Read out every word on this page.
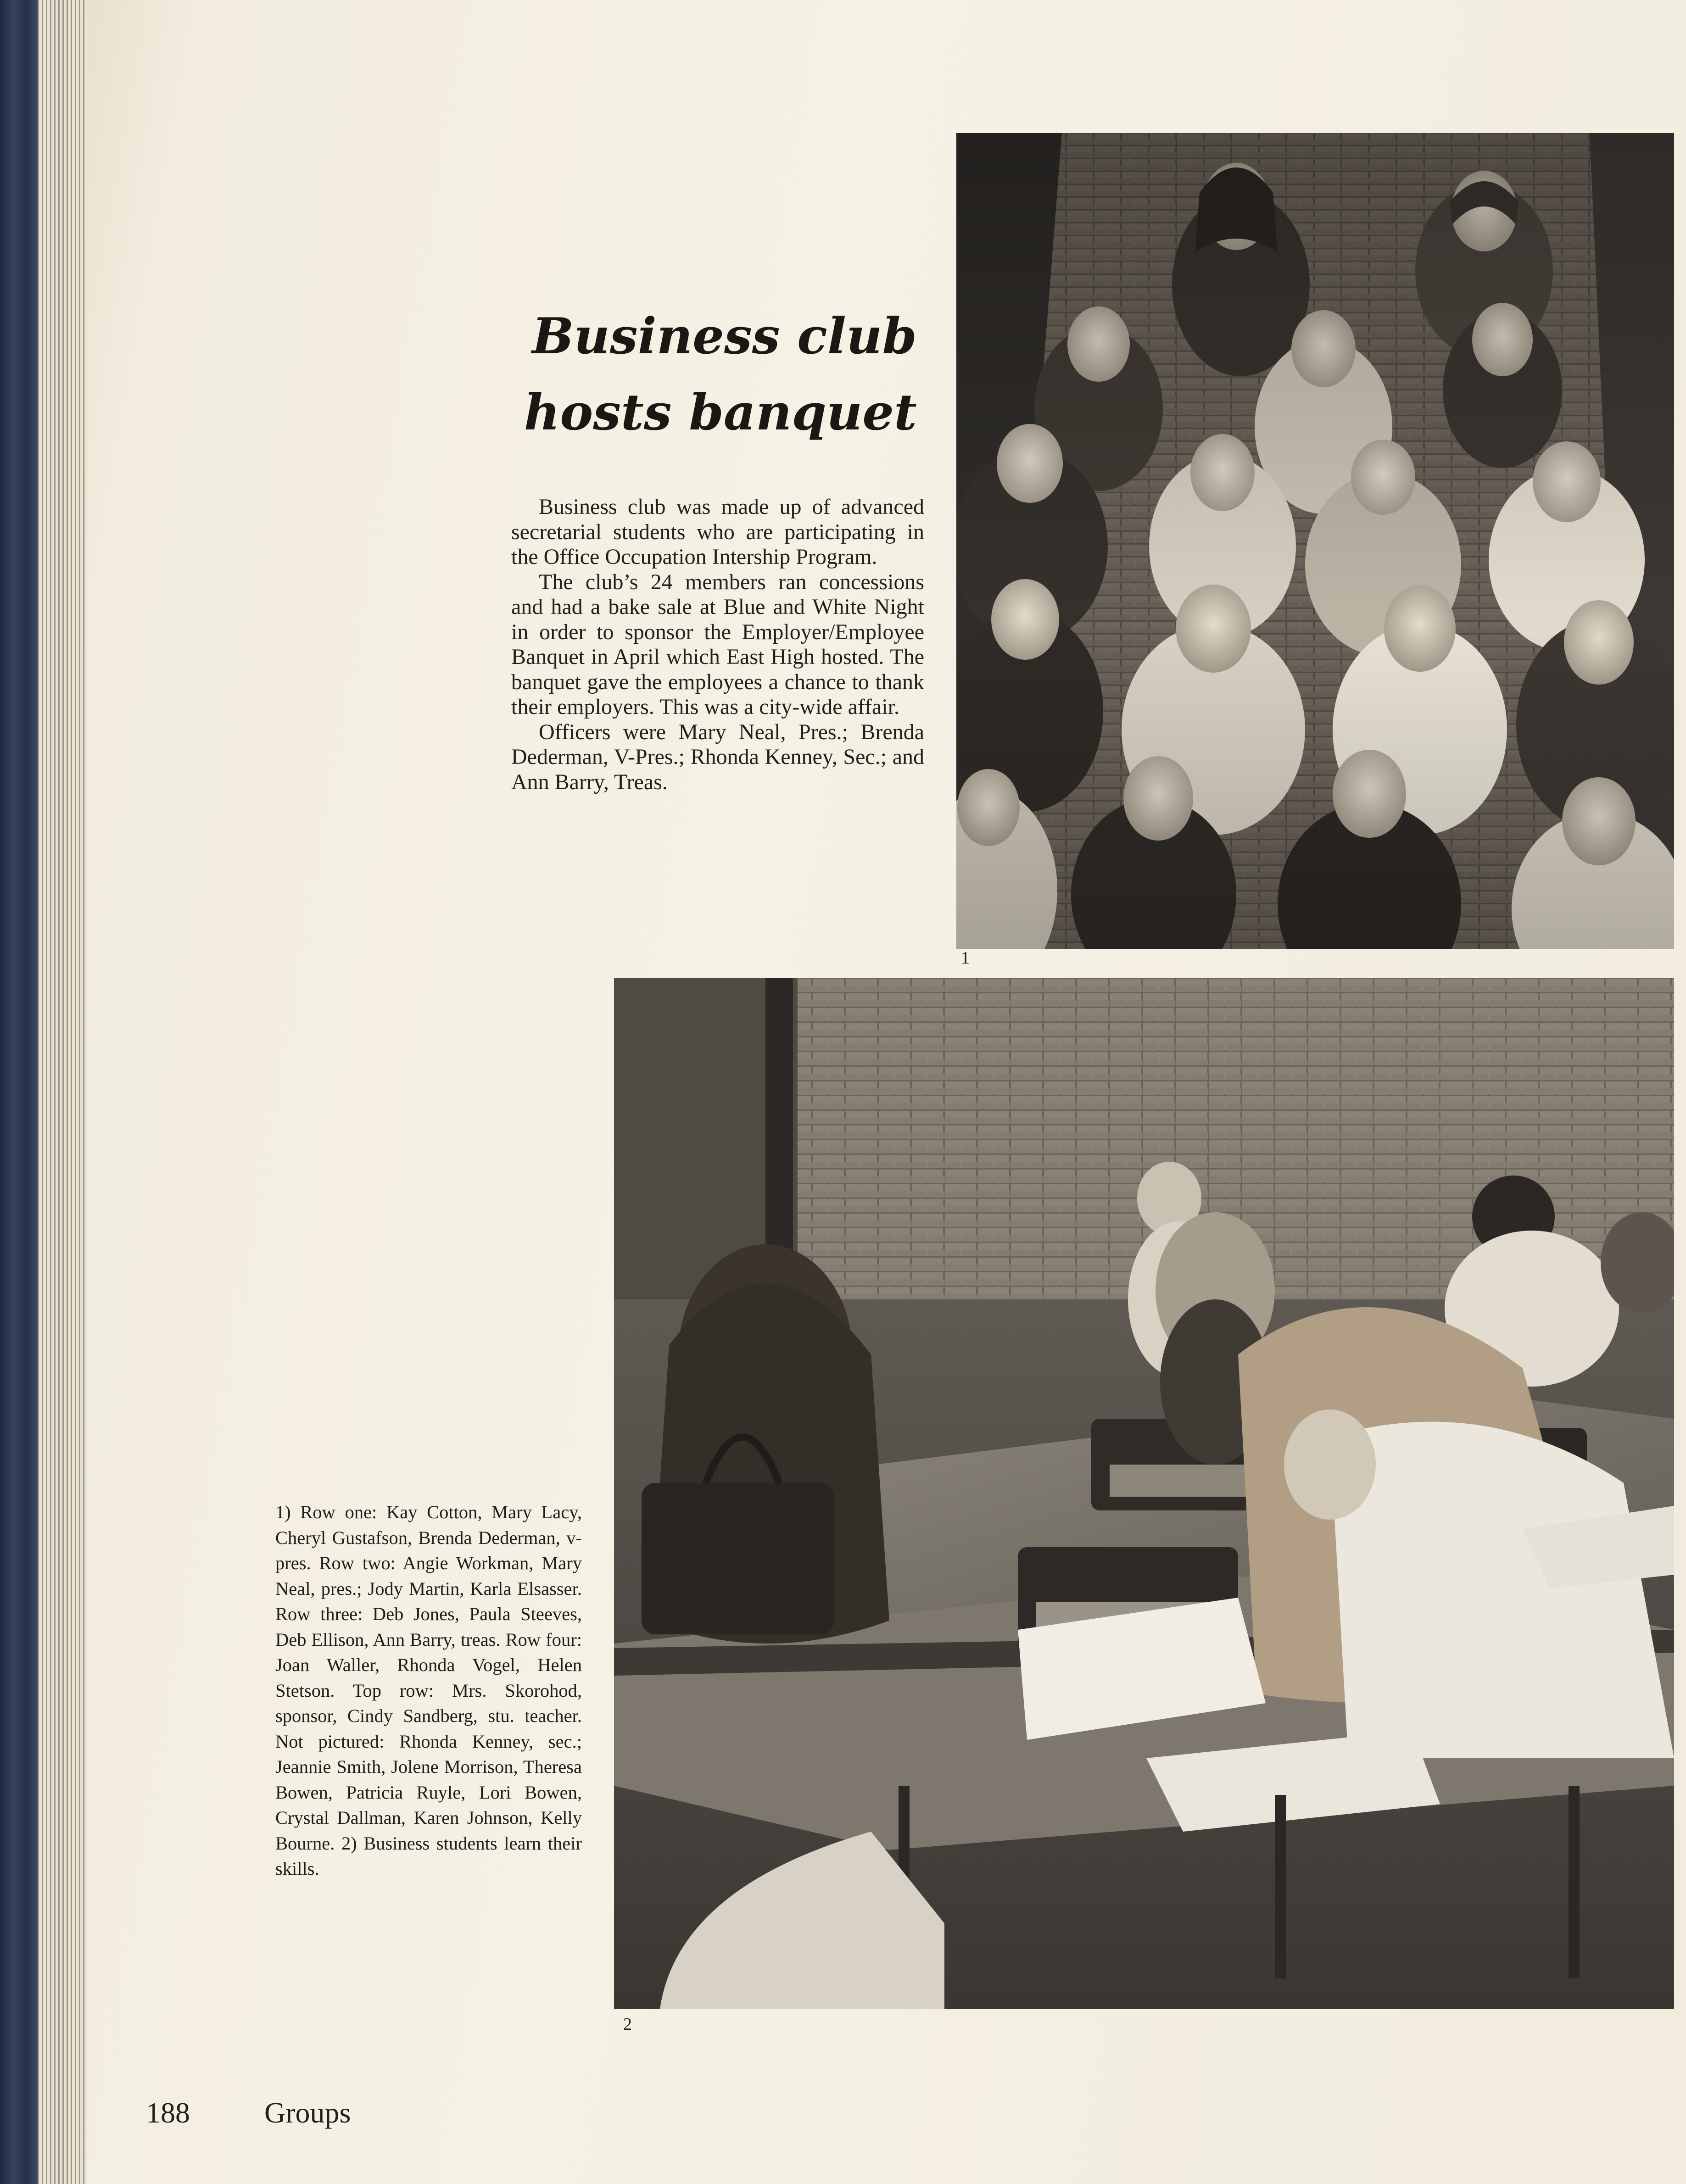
Business club
hosts banquet

Business club was made up of advanced secretarial students who are participating in the Office Occupation Intership Program.

The club’s 24 members ran concessions and had a bake sale at Blue and White Night in order to sponsor the Employer/Employee Banquet in April which East High hosted. The banquet gave the employees a chance to thank their employers. This was a city-wide affair.

Officers were Mary Neal, Pres.; Brenda Dederman, V-Pres.; Rhonda Kenney, Sec.; and Ann Barry, Treas.

1
2
1) Row one: Kay Cotton, Mary Lacy, Cheryl Gustafson, Brenda Dederman, v-pres. Row two: Angie Workman, Mary Neal, pres.; Jody Martin, Karla Elsasser. Row three: Deb Jones, Paula Steeves, Deb Ellison, Ann Barry, treas. Row four: Joan Waller, Rhonda Vogel, Helen Stetson. Top row: Mrs. Skorohod, sponsor, Cindy Sandberg, stu. teacher. Not pictured: Rhonda Kenney, sec.; Jeannie Smith, Jolene Morrison, Theresa Bowen, Patricia Ruyle, Lori Bowen, Crystal Dallman, Karen Johnson, Kelly Bourne. 2) Business students learn their skills.
188	Groups
